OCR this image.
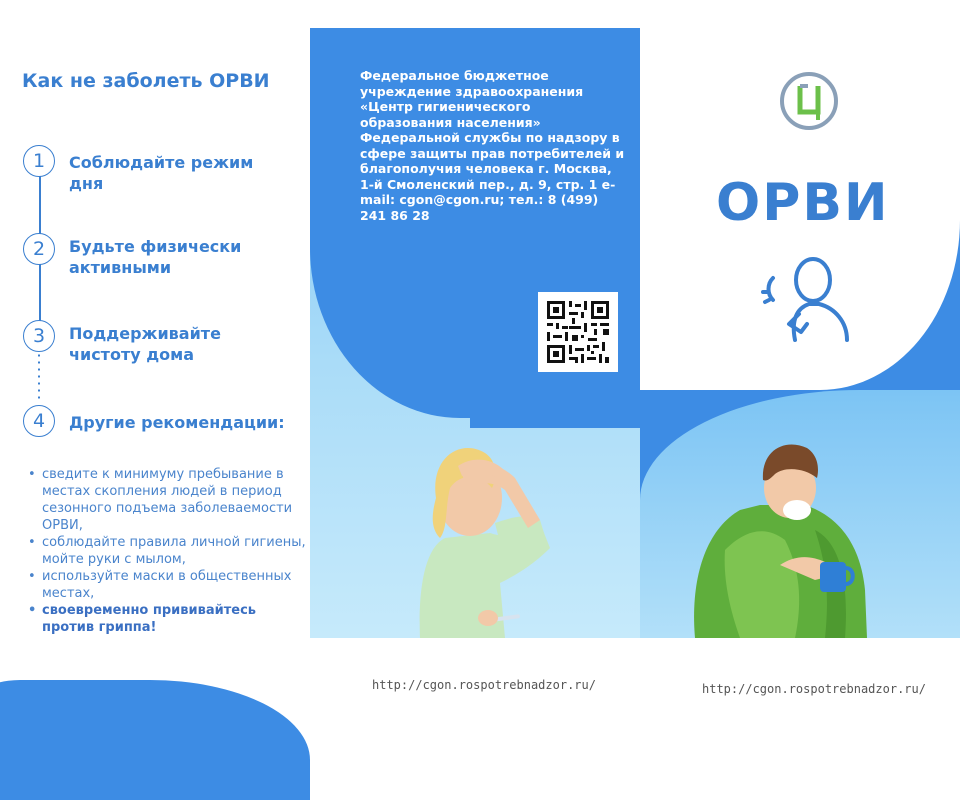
Как не заболеть ОРВИ
1	Соблюдайте режим дня
2	Будьте физически активными
3	Поддерживайте чистоту дома
4	Другие рекомендации:
• сведите к минимуму пребывание в местах скопления людей в период сезонного подъема заболеваемости ОРВИ,
• соблюдайте правила личной гигиены, мойте руки с мылом,
• используйте маски в общественных местах,
• своевременно прививайтесь против гриппа!
Федеральное бюджетное учреждение здравоохранения «Центр гигиенического образования населения» Федеральной службы по надзору в сфере защиты прав потребителей и благополучия человека г. Москва, 1-й Смоленский пер., д. 9, стр. 1 e-mail: cgon@cgon.ru; тел.: 8 (499) 241 86 28
http://cgon.rospotrebnadzor.ru/
ОРВИ
http://cgon.rospotrebnadzor.ru/
